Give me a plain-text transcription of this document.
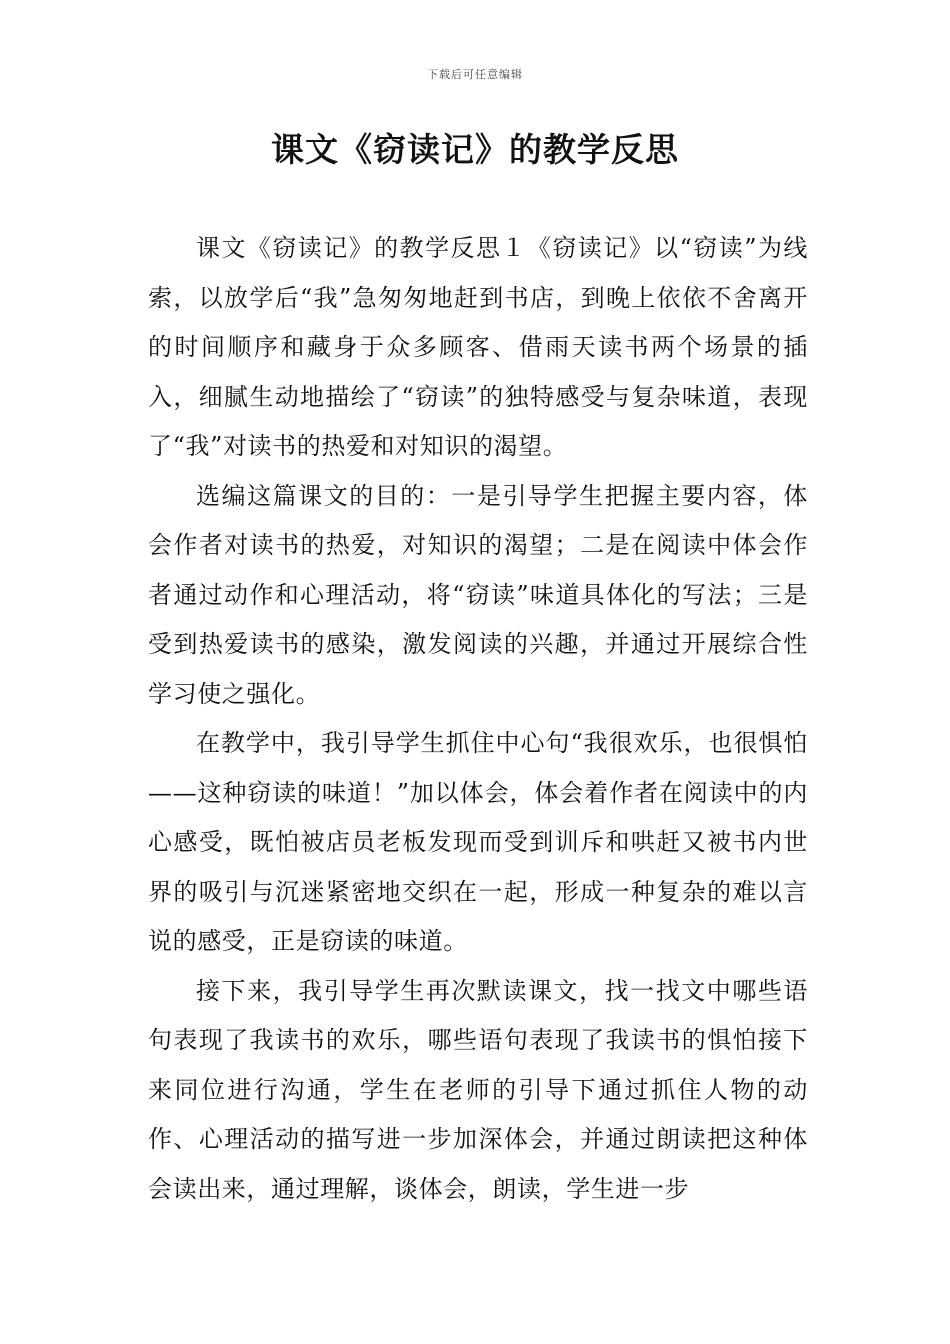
下载后可任意编辑
课文《窃读记》的教学反思

课文《窃读记》的教学反思１《窃读记》以“窃读”为线索，以放学后“我”急匆匆地赶到书店，到晚上依依不舍离开的时间顺序和藏身于众多顾客、借雨天读书两个场景的插入，细腻生动地描绘了“窃读”的独特感受与复杂味道，表现了“我”对读书的热爱和对知识的渴望。

选编这篇课文的目的：一是引导学生把握主要内容，体会作者对读书的热爱，对知识的渴望；二是在阅读中体会作者通过动作和心理活动，将“窃读”味道具体化的写法；三是受到热爱读书的感染，激发阅读的兴趣，并通过开展综合性学习使之强化。

在教学中，我引导学生抓住中心句“我很欢乐，也很惧怕——这种窃读的味道！”加以体会，体会着作者在阅读中的内心感受，既怕被店员老板发现而受到训斥和哄赶又被书内世界的吸引与沉迷紧密地交织在一起，形成一种复杂的难以言说的感受，正是窃读的味道。

接下来，我引导学生再次默读课文，找一找文中哪些语句表现了我读书的欢乐，哪些语句表现了我读书的惧怕接下来同位进行沟通，学生在老师的引导下通过抓住人物的动作、心理活动的描写进一步加深体会，并通过朗读把这种体会读出来，通过理解，谈体会，朗读，学生进一步
